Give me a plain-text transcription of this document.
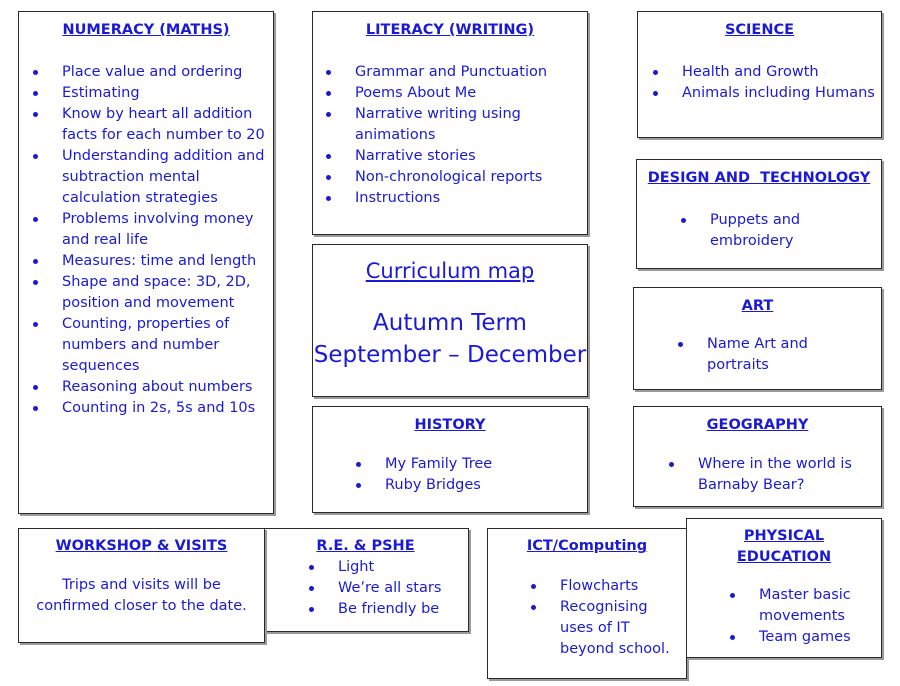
NUMERACY (MATHS)
Place value and ordering
Estimating
Know by heart all addition facts for each number to 20
Understanding addition and subtraction mental calculation strategies
Problems involving money and real life
Measures: time and length
Shape and space: 3D, 2D, position and movement
Counting, properties of numbers and number sequences
Reasoning about numbers
Counting in 2s, 5s and 10s
LITERACY (WRITING)
Grammar and Punctuation
Poems About Me
Narrative writing using animations
Narrative stories
Non-chronological reports
Instructions
SCIENCE
Health and Growth
Animals including Humans
DESIGN AND  TECHNOLOGY
Puppets and embroidery
Curriculum map
Autumn Term
September – December
ART
Name Art and portraits
HISTORY
My Family Tree
Ruby Bridges
GEOGRAPHY
Where in the world is Barnaby Bear?
R.E. & PSHE
Light
We’re all stars
Be friendly be
WORKSHOP & VISITS
Trips and visits will be confirmed closer to the date.
ICT/Computing
Flowcharts
Recognising uses of IT beyond school.
PHYSICAL EDUCATION
Master basic movements
Team games
